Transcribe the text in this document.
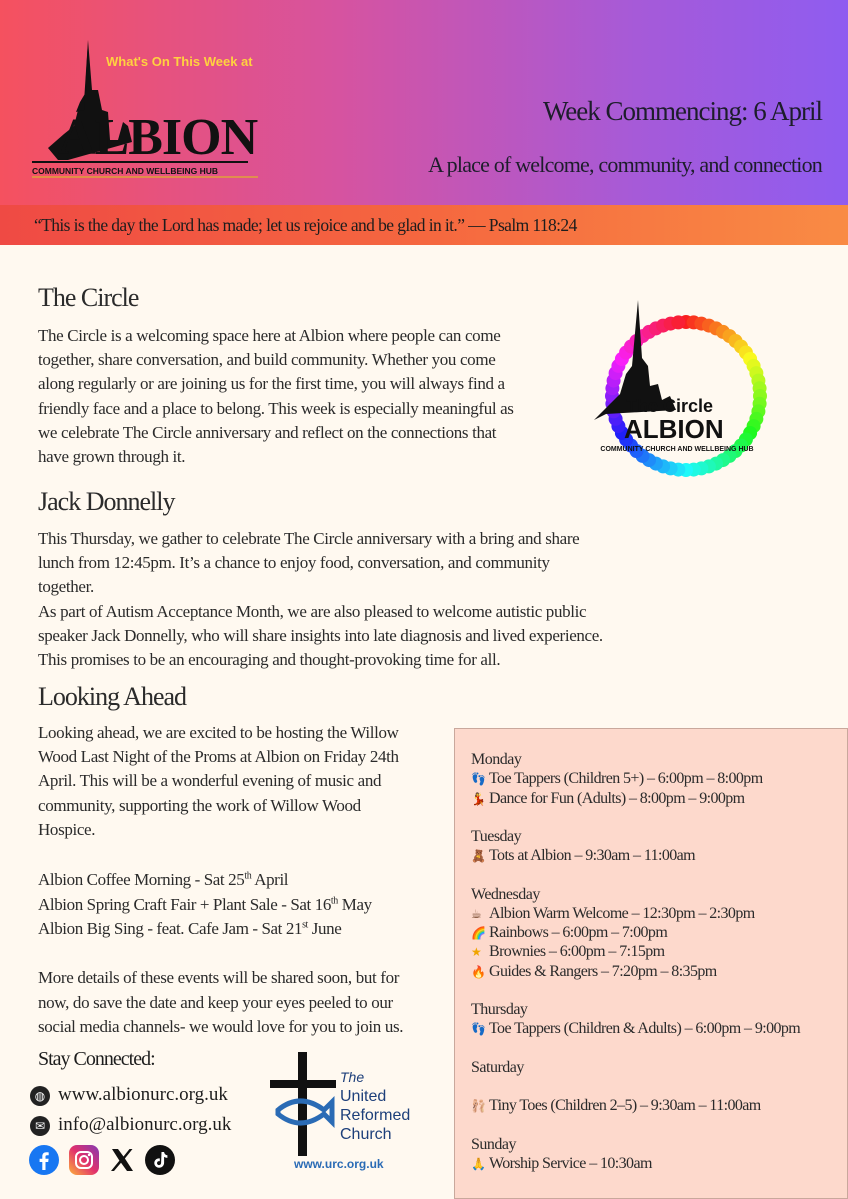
What's On This Week at
ALBION
COMMUNITY CHURCH AND WELLBEING HUB
Week Commencing: 6 April
A place of welcome, community, and connection
“This is the day the Lord has made; let us rejoice and be glad in it.” — Psalm 118:24
The Circle

The Circle is a welcoming space here at Albion where people can come

together, share conversation, and build community. Whether you come

along regularly or are joining us for the first time, you will always find a

friendly face and a place to belong. This week is especially meaningful as

we celebrate The Circle anniversary and reflect on the connections that

have grown through it.

The Circle
ALBION
COMMUNITY CHURCH AND WELLBEING HUB
Jack Donnelly

This Thursday, we gather to celebrate The Circle anniversary with a bring and share

lunch from 12:45pm. It’s a chance to enjoy food, conversation, and community

together.

As part of Autism Acceptance Month, we are also pleased to welcome autistic public

speaker Jack Donnelly, who will share insights into late diagnosis and lived experience.

This promises to be an encouraging and thought-provoking time for all.

Looking Ahead

Looking ahead, we are excited to be hosting the Willow

Wood Last Night of the Proms at Albion on Friday 24th

April. This will be a wonderful evening of music and

community, supporting the work of Willow Wood

Hospice.

Albion Coffee Morning - Sat 25th April
Albion Spring Craft Fair + Plant Sale - Sat 16th May
Albion Big Sing - feat. Cafe Jam - Sat 21st June

More details of these events will be shared soon, but for

now, do save the date and keep your eyes peeled to our

social media channels- we would love for you to join us.

Monday
👣 Toe Tappers (Children 5+) – 6:00pm – 8:00pm
💃 Dance for Fun (Adults) – 8:00pm – 9:00pm
Tuesday
🧸 Tots at Albion – 9:30am – 11:00am
Wednesday
☕ Albion Warm Welcome – 12:30pm – 2:30pm
🌈 Rainbows – 6:00pm – 7:00pm
★ Brownies – 6:00pm – 7:15pm
🔥 Guides & Rangers – 7:20pm – 8:35pm
Thursday
👣 Toe Tappers (Children & Adults) – 6:00pm – 9:00pm
Saturday
🩰 Tiny Toes (Children 2–5) – 9:30am – 11:00am
Sunday
🙏 Worship Service – 10:30am
Stay Connected:
◍ www.albionurc.org.uk
✉ info@albionurc.org.uk
The
United
Reformed
Church
www.urc.org.uk
